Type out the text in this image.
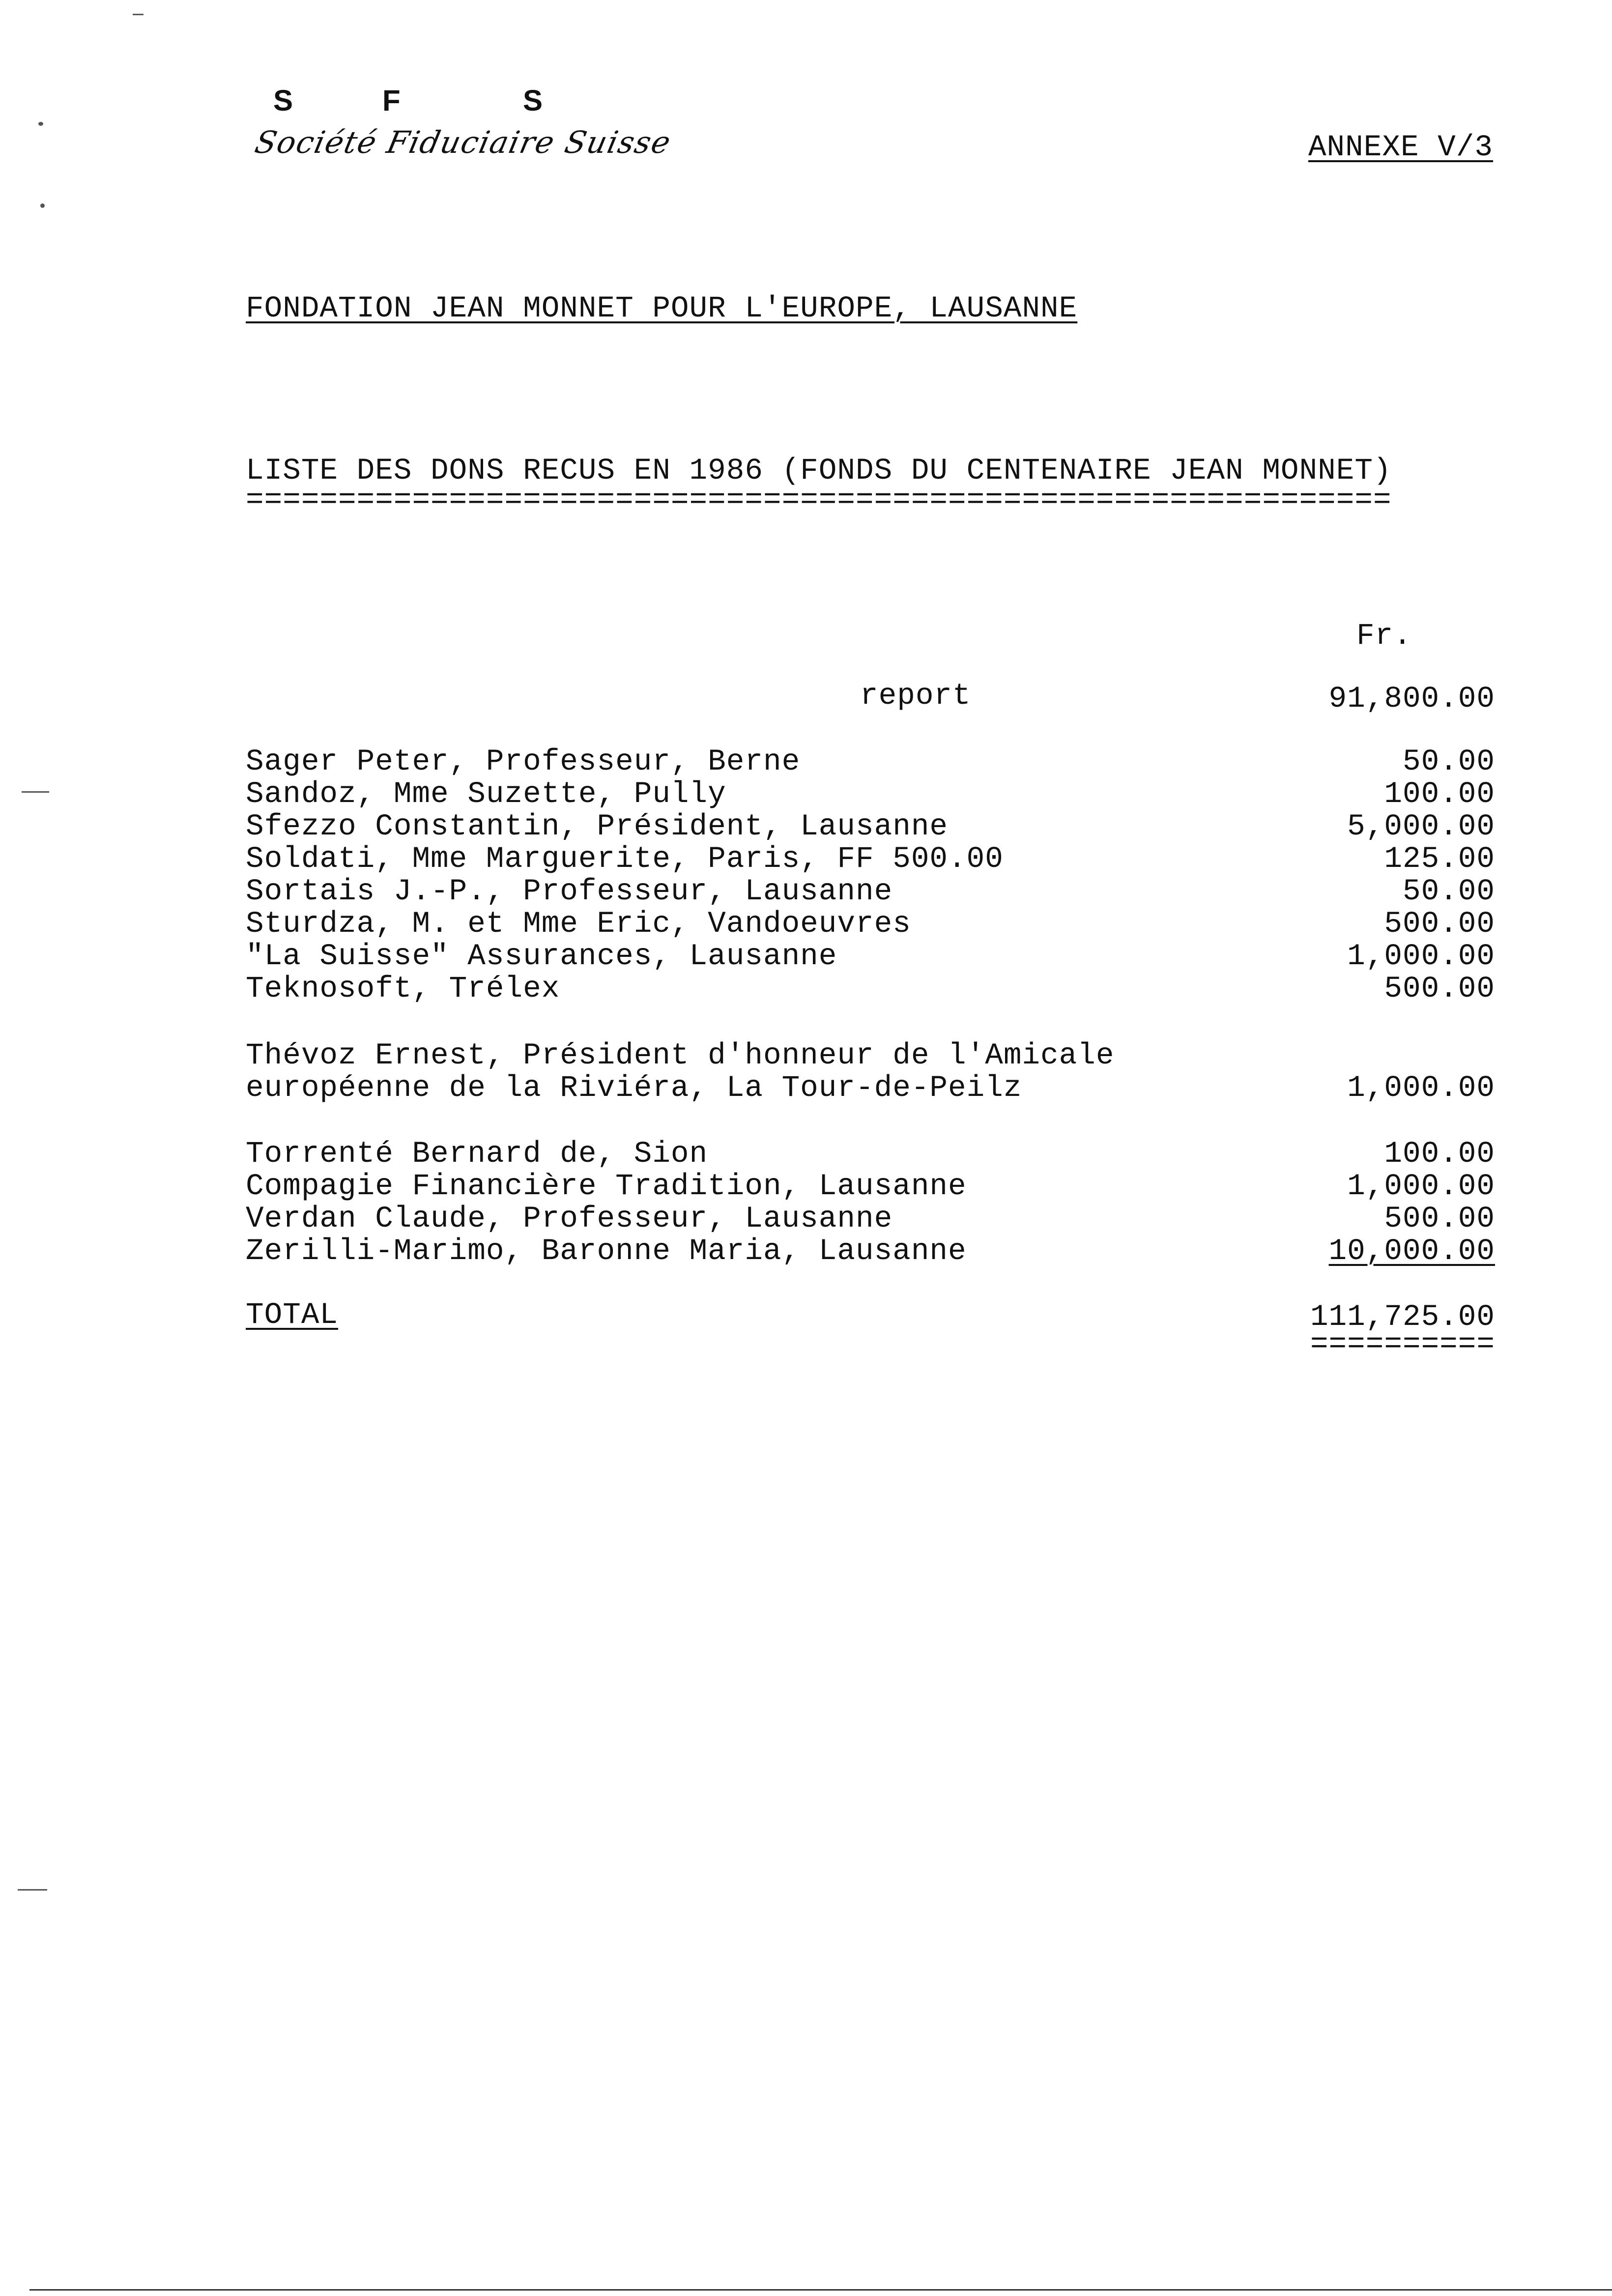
S	F	S
Société Fiduciaire Suisse	ANNEXE V/3
FONDATION JEAN MONNET POUR L'EUROPE, LAUSANNE
LISTE DES DONS RECUS EN 1986 (FONDS DU CENTENAIRE JEAN MONNET)
==============================================================
Fr.
report	91,800.00
Sager Peter, Professeur, Berne	50.00
Sandoz, Mme Suzette, Pully	100.00
Sfezzo Constantin, Président, Lausanne	5,000.00
Soldati, Mme Marguerite, Paris, FF 500.00	125.00
Sortais J.-P., Professeur, Lausanne	50.00
Sturdza, M. et Mme Eric, Vandoeuvres	500.00
"La Suisse" Assurances, Lausanne	1,000.00
Teknosoft, Trélex	500.00
Thévoz Ernest, Président d'honneur de l'Amicale
européenne de la Riviéra, La Tour-de-Peilz	1,000.00
Torrenté Bernard de, Sion	100.00
Compagie Financière Tradition, Lausanne	1,000.00
Verdan Claude, Professeur, Lausanne	500.00
Zerilli-Marimo, Baronne Maria, Lausanne	10,000.00
TOTAL	111,725.00
==========
